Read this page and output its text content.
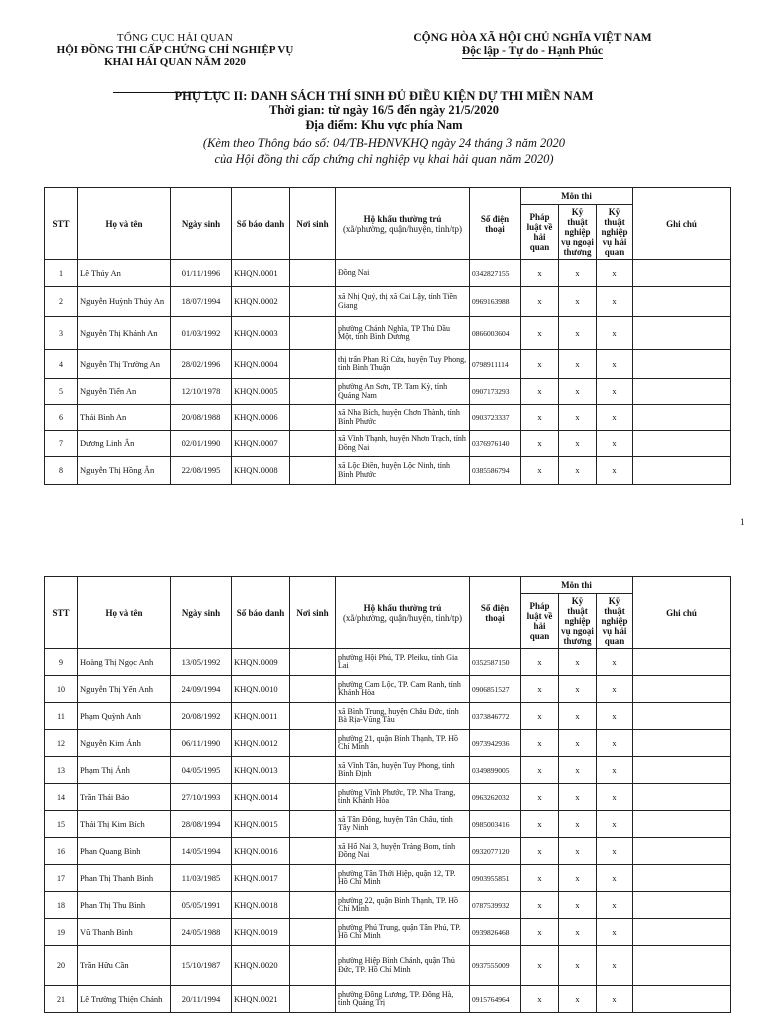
TỔNG CỤC HẢI QUAN
HỘI ĐỒNG THI CẤP CHỨNG CHỈ NGHIỆP VỤ
KHAI HẢI QUAN NĂM 2020
CỘNG HÒA XÃ HỘI CHỦ NGHĨA VIỆT NAM
Độc lập - Tự do - Hạnh Phúc
PHỤ LỤC II: DANH SÁCH THÍ SINH ĐỦ ĐIỀU KIỆN DỰ THI MIỀN NAM
Thời gian: từ ngày 16/5 đến ngày 21/5/2020
Địa điểm: Khu vực phía Nam
(Kèm theo Thông báo số: 04/TB-HĐNVKHQ ngày 24 tháng 3 năm 2020
của Hội đồng thi cấp chứng chỉ nghiệp vụ khai hải quan năm 2020)
STT	Họ và tên	Ngày sinh	Số báo danh	Nơi sinh	Hộ khẩu thường trú
(xã/phường, quận/huyện, tỉnh/tp)	Số điện thoại	Môn thi			Ghi chú
							Pháp luật về hải quan	Kỹ thuật nghiệp vụ ngoại thương	Kỹ thuật nghiệp vụ hải quan	
1	Lê Thúy An	01/11/1996	KHQN.0001		Đồng Nai	0342827155	x	x	x	
2	Nguyễn Huỳnh Thúy An	18/07/1994	KHQN.0002		xã Nhị Quý, thị xã Cai Lậy, tỉnh Tiền Giang	0969163988	x	x	x	
3	Nguyễn Thị Khánh An	01/03/1992	KHQN.0003		phường Chánh Nghĩa, TP Thủ Dầu Một, tỉnh Bình Dương	0866003604	x	x	x	
4	Nguyễn Thị Trường An	28/02/1996	KHQN.0004		thị trấn Phan Rí Cửa, huyện Tuy Phong, tỉnh Bình Thuận	0798911114	x	x	x	
5	Nguyễn Tiến An	12/10/1978	KHQN.0005		phường An Sơn, TP. Tam Kỳ, tỉnh Quảng Nam	0907173293	x	x	x	
6	Thái Bình An	20/08/1988	KHQN.0006		xã Nha Bích, huyện Chơn Thành, tỉnh Bình Phước	0903723337	x	x	x	
7	Dương Linh Ân	02/01/1990	KHQN.0007		xã Vĩnh Thạnh, huyện Nhơn Trạch, tỉnh Đồng Nai	0376976140	x	x	x	
8	Nguyễn Thị Hồng Ân	22/08/1995	KHQN.0008		xã Lộc Điền, huyện Lộc Ninh, tỉnh Bình Phước	0385586794	x	x	x	
1
STT	Họ và tên	Ngày sinh	Số báo danh	Nơi sinh	Hộ khẩu thường trú
(xã/phường, quận/huyện, tỉnh/tp)	Số điện thoại	Môn thi			Ghi chú
							Pháp luật về hải quan	Kỹ thuật nghiệp vụ ngoại thương	Kỹ thuật nghiệp vụ hải quan	
9	Hoàng Thị Ngọc Anh	13/05/1992	KHQN.0009		phường Hội Phú, TP. Pleiku, tỉnh Gia Lai	0352587150	x	x	x	
10	Nguyễn Thị Yến Anh	24/09/1994	KHQN.0010		phường Cam Lộc, TP. Cam Ranh, tỉnh Khánh Hòa	0906851527	x	x	x	
11	Phạm Quỳnh Anh	20/08/1992	KHQN.0011		xã Bình Trung, huyện Châu Đức, tỉnh Bà Rịa-Vũng Tàu	0373846772	x	x	x	
12	Nguyễn Kim Ánh	06/11/1990	KHQN.0012		phường 21, quận Bình Thạnh, TP. Hồ Chí Minh	0973942936	x	x	x	
13	Phạm Thị Ánh	04/05/1995	KHQN.0013		xã Vĩnh Tân, huyện Tuy Phong, tỉnh Bình Định	0349899005	x	x	x	
14	Trần Thái Bảo	27/10/1993	KHQN.0014		phường Vĩnh Phước, TP. Nha Trang, tỉnh Khánh Hòa	0963262032	x	x	x	
15	Thái Thị Kim Bích	28/08/1994	KHQN.0015		xã Tân Đông, huyện Tân Châu, tỉnh Tây Ninh	0985003416	x	x	x	
16	Phan Quang Bình	14/05/1994	KHQN.0016		xã Hố Nai 3, huyện Trảng Bom, tỉnh Đồng Nai	0932077120	x	x	x	
17	Phan Thị Thanh Bình	11/03/1985	KHQN.0017		phường Tân Thới Hiệp, quận 12, TP. Hồ Chí Minh	0903955851	x	x	x	
18	Phan Thị Thu Bình	05/05/1991	KHQN.0018		phường 22, quận Bình Thạnh, TP. Hồ Chí Minh	0787539932	x	x	x	
19	Vũ Thanh Bình	24/05/1988	KHQN.0019		phường Phú Trung, quận Tân Phú, TP. Hồ Chí Minh	0939826468	x	x	x	
20	Trần Hữu Cần	15/10/1987	KHQN.0020		phường Hiệp Bình Chánh, quận Thủ Đức, TP. Hồ Chí Minh	0937555009	x	x	x	
21	Lê Trường Thiện Chánh	20/11/1994	KHQN.0021		phường Đông Lương, TP. Đông Hà, tỉnh Quảng Trị	0915764964	x	x	x	
